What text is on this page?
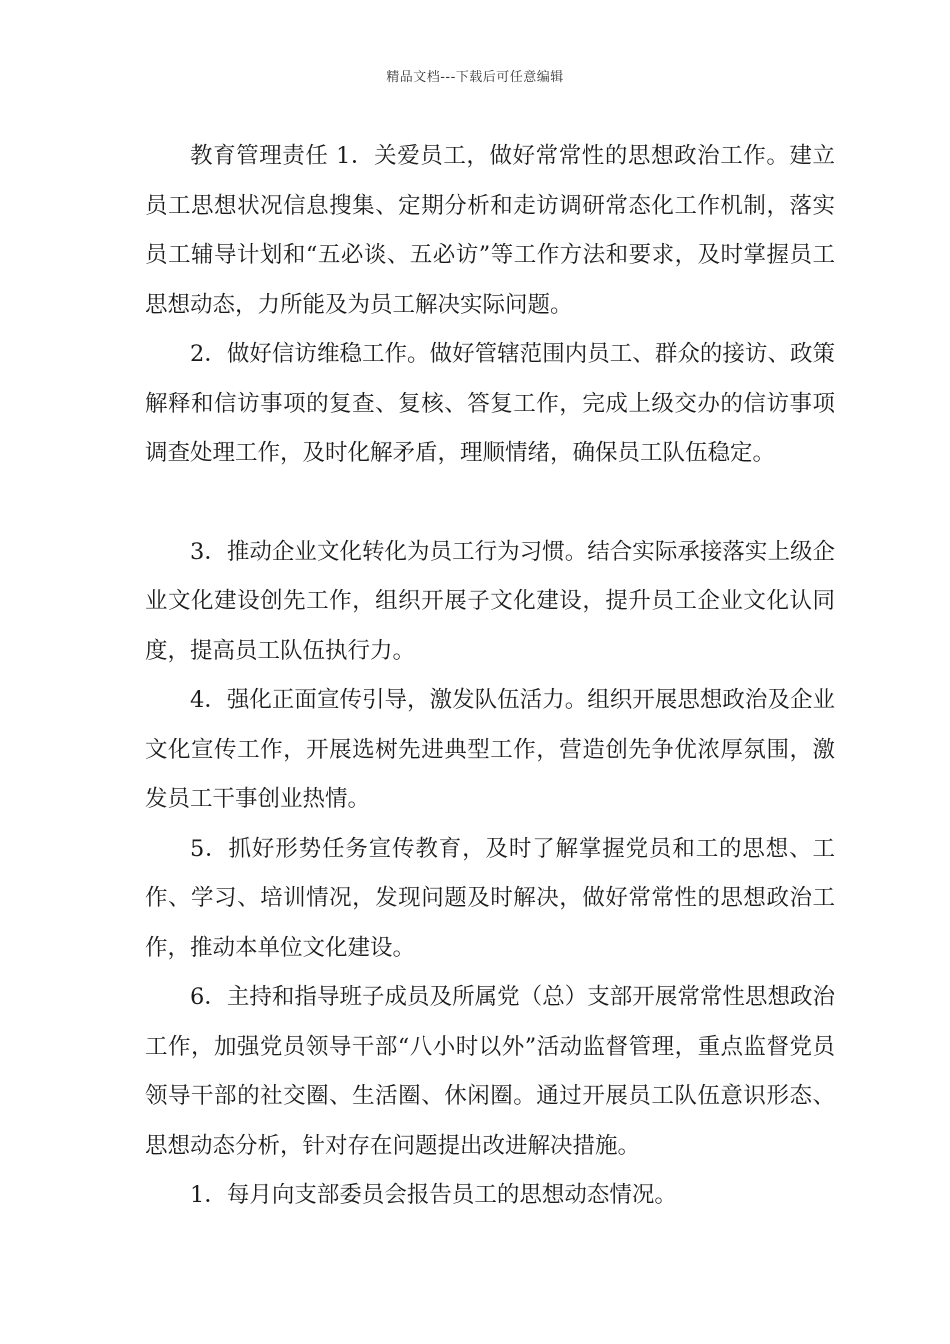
精品文档---下载后可任意编辑

教育管理责任 1．关爱员工，做好常常性的思想政治工作。建立员工思想状况信息搜集、定期分析和走访调研常态化工作机制，落实员工辅导计划和“五必谈、五必访”等工作方法和要求，及时掌握员工思想动态，力所能及为员工解决实际问题。

2．做好信访维稳工作。做好管辖范围内员工、群众的接访、政策解释和信访事项的复查、复核、答复工作，完成上级交办的信访事项调查处理工作，及时化解矛盾，理顺情绪，确保员工队伍稳定。

3．推动企业文化转化为员工行为习惯。结合实际承接落实上级企业文化建设创先工作，组织开展子文化建设，提升员工企业文化认同度，提高员工队伍执行力。

4．强化正面宣传引导，激发队伍活力。组织开展思想政治及企业文化宣传工作，开展选树先进典型工作，营造创先争优浓厚氛围，激发员工干事创业热情。

5．抓好形势任务宣传教育，及时了解掌握党员和工的思想、工作、学习、培训情况，发现问题及时解决，做好常常性的思想政治工作，推动本单位文化建设。

6．主持和指导班子成员及所属党（总）支部开展常常性思想政治工作，加强党员领导干部“八小时以外”活动监督管理，重点监督党员领导干部的社交圈、生活圈、休闲圈。通过开展员工队伍意识形态、思想动态分析，针对存在问题提出改进解决措施。

1．每月向支部委员会报告员工的思想动态情况。
